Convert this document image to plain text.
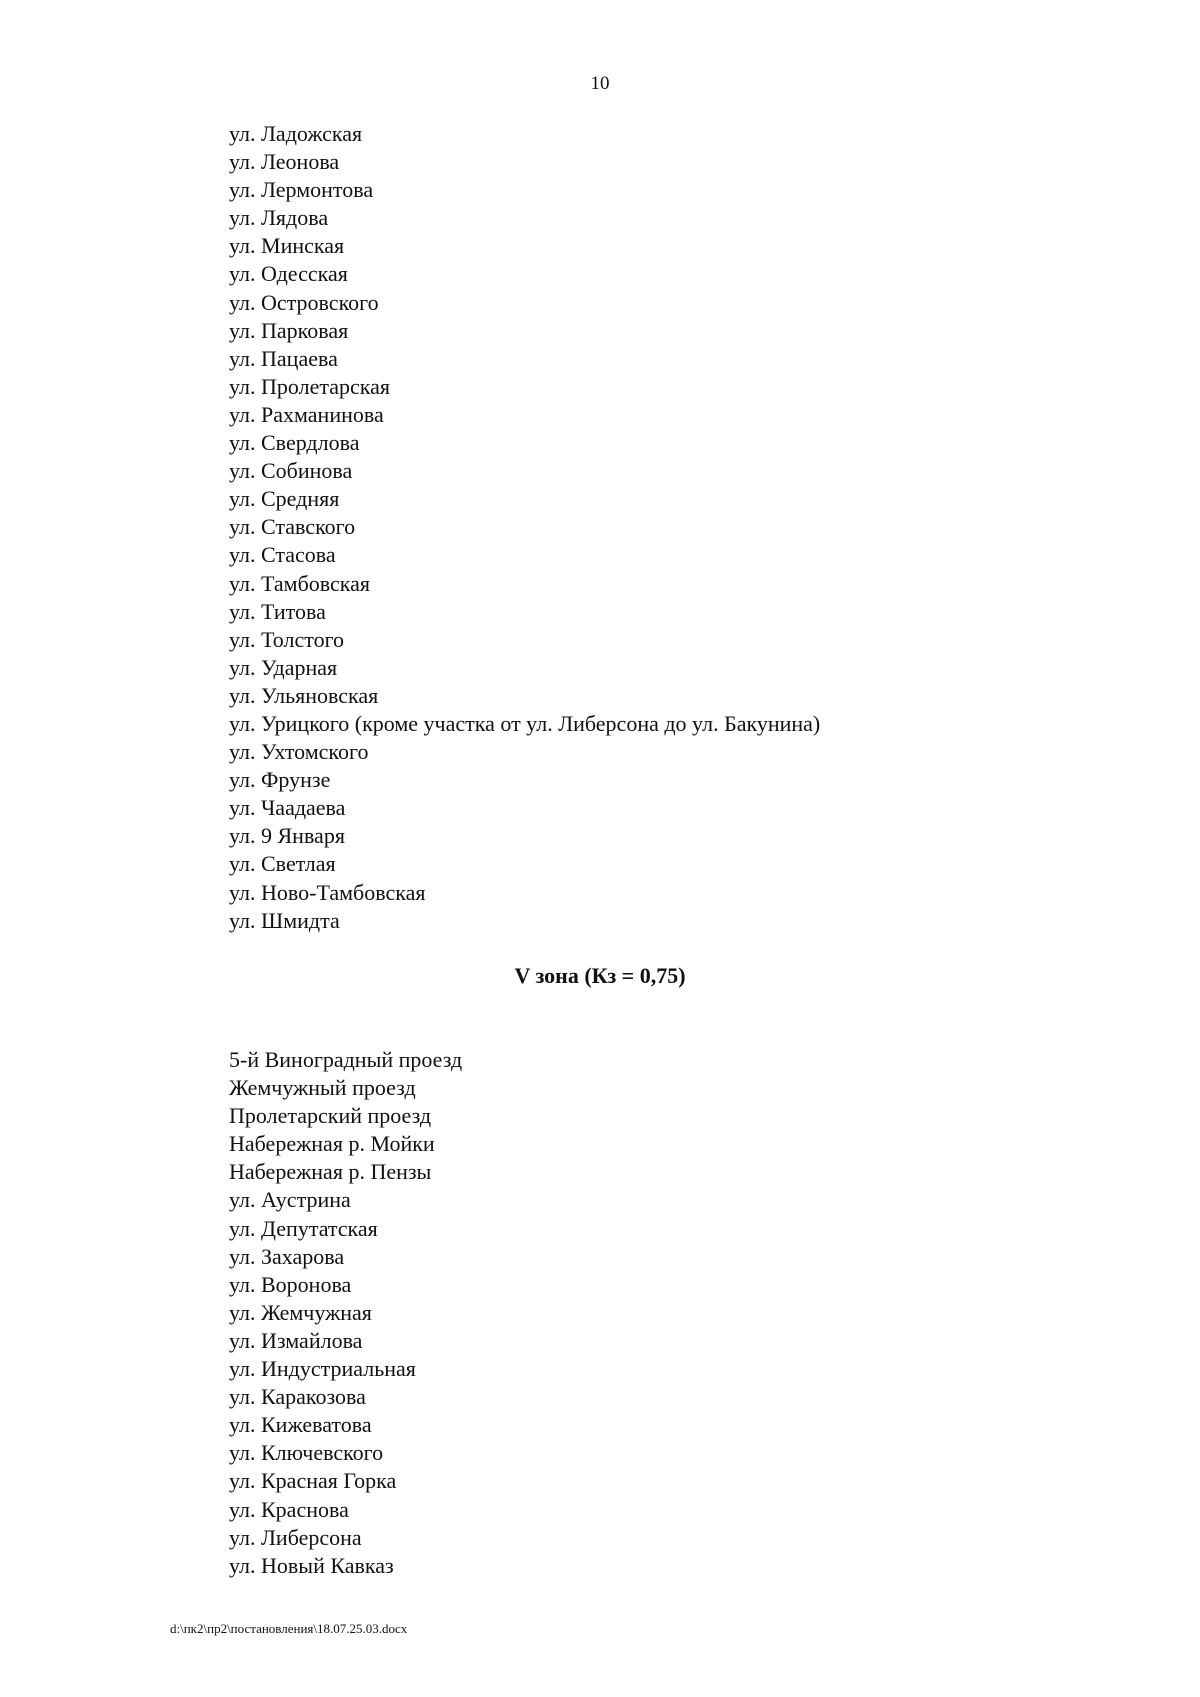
10
ул. Ладожская
ул. Леонова
ул. Лермонтова
ул. Лядова
ул. Минская
ул. Одесская
ул. Островского
ул. Парковая
ул. Пацаева
ул. Пролетарская
ул. Рахманинова
ул. Свердлова
ул. Собинова
ул. Средняя
ул. Ставского
ул. Стасова
ул. Тамбовская
ул. Титова
ул. Толстого
ул. Ударная
ул. Ульяновская
ул. Урицкого (кроме участка от ул. Либерсона до ул. Бакунина)
ул. Ухтомского
ул. Фрунзе
ул. Чаадаева
ул. 9 Января
ул. Светлая
ул. Ново-Тамбовская
ул. Шмидта
V зона (Кз = 0,75)
5-й Виноградный проезд
Жемчужный проезд
Пролетарский проезд
Набережная р. Мойки
Набережная р. Пензы
ул. Аустрина
ул. Депутатская
ул. Захарова
ул. Воронова
ул. Жемчужная
ул. Измайлова
ул. Индустриальная
ул. Каракозова
ул. Кижеватова
ул. Ключевского
ул. Красная Горка
ул. Краснова
ул. Либерсона
ул. Новый Кавказ
d:\пк2\пр2\постановления\18.07.25.03.docx
